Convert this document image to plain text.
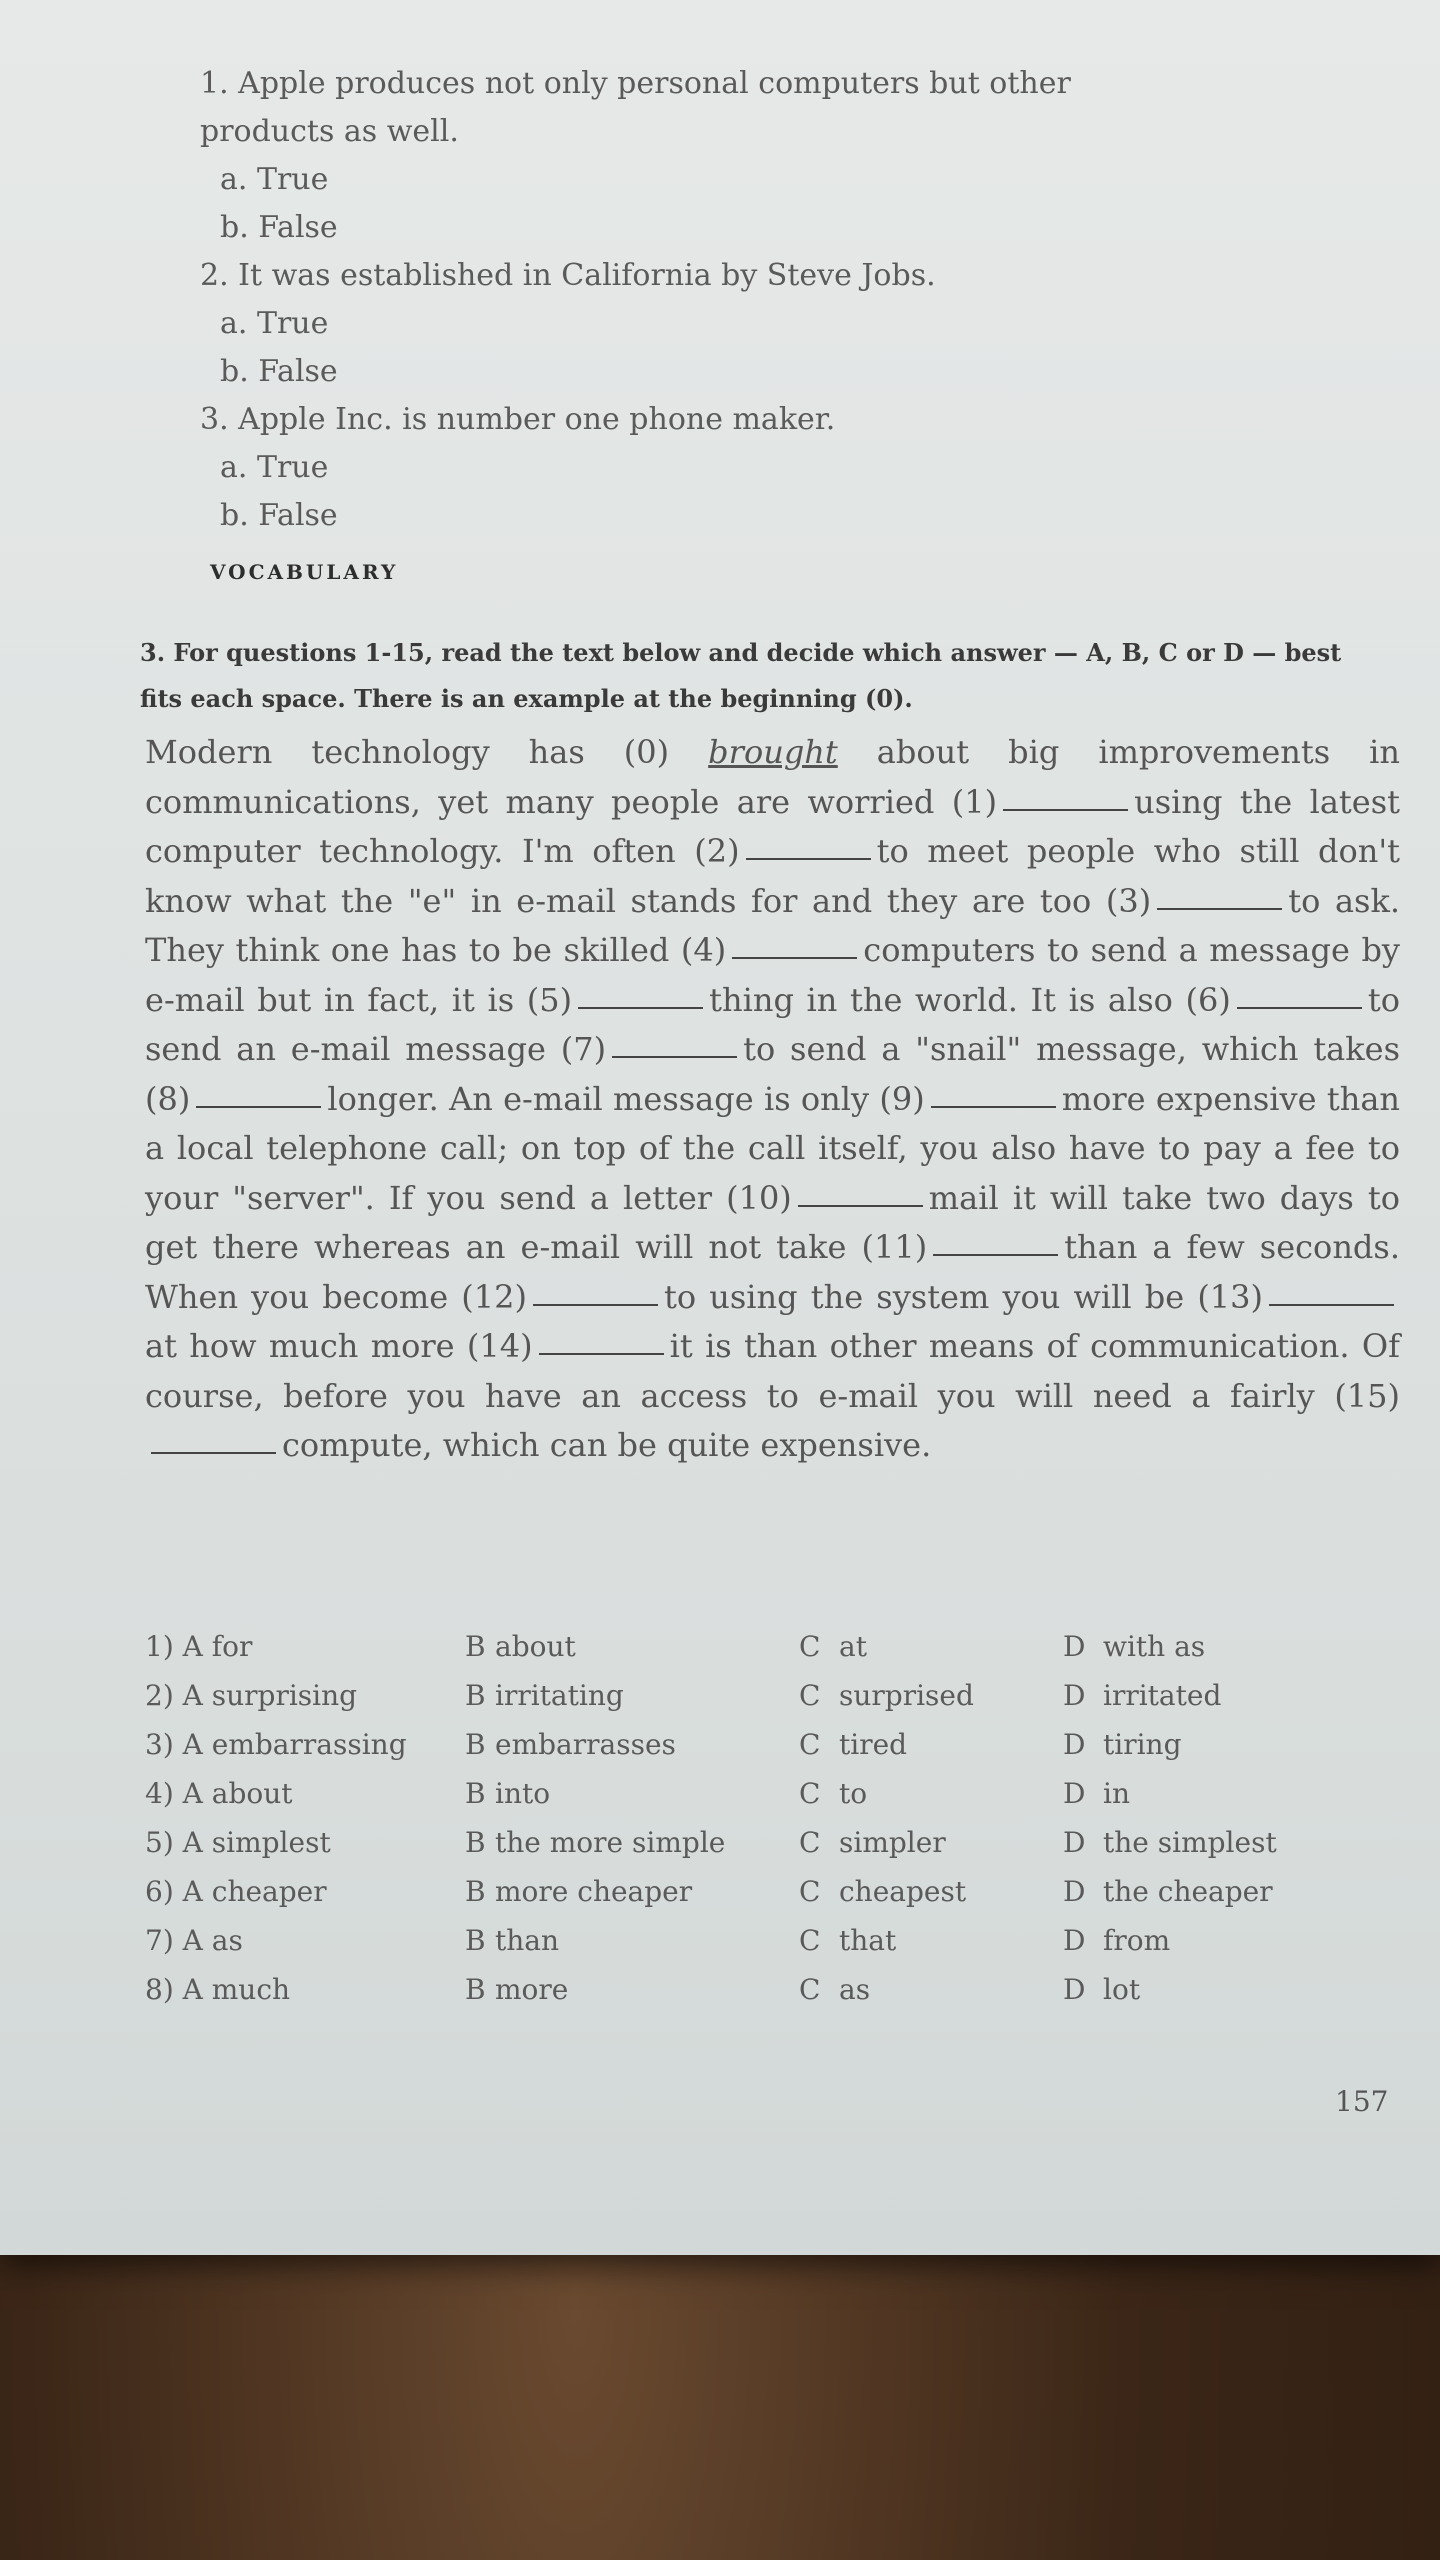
1. Apple produces not only personal computers but other
products as well.
a. True
b. False
2. It was established in California by Steve Jobs.
a. True
b. False
3. Apple Inc. is number one phone maker.
a. True
b. False
VOCABULARY
3. For questions 1-15, read the text below and decide which answer — A, B, C or D — best fits each space. There is an example at the beginning (0).
Modern technology has (0) brought about big improvements in communications, yet many people are worried (1)	using the latest computer technology. I'm often (2)	to meet people who still don't know what the "e" in e-mail stands for and they are too (3)	to ask. They think one has to be skilled (4)	computers to send a message by e-mail but in fact, it is (5)	thing in the world. It is also (6)	to send an e-mail message (7)	to send a "snail" message, which takes (8)	longer. An e-mail message is only (9)	more expensive than a local telephone call; on top of the call itself, you also have to pay a fee to your "server". If you send a letter (10)	mail it will take two days to get there whereas an e-mail will not take (11)	than a few seconds. When you become (12)	to using the system you will be (13)at how much more (14)	it is than other means of communication. Of course, before you have an access to e-mail you will need a fairly (15)compute, which can be quite expensive.
1) A for	B about	C at	D with as
2) A surprising	B irritating	C surprised	D irritated
3) A embarrassing	B embarrasses	C tired	D tiring
4) A about	B into	C to	D in
5) A simplest	B the more simple	C simpler	D the simplest
6) A cheaper	B more cheaper	C cheapest	D the cheaper
7) A as	B than	C that	D from
8) A much	B more	C as	D lot
157
